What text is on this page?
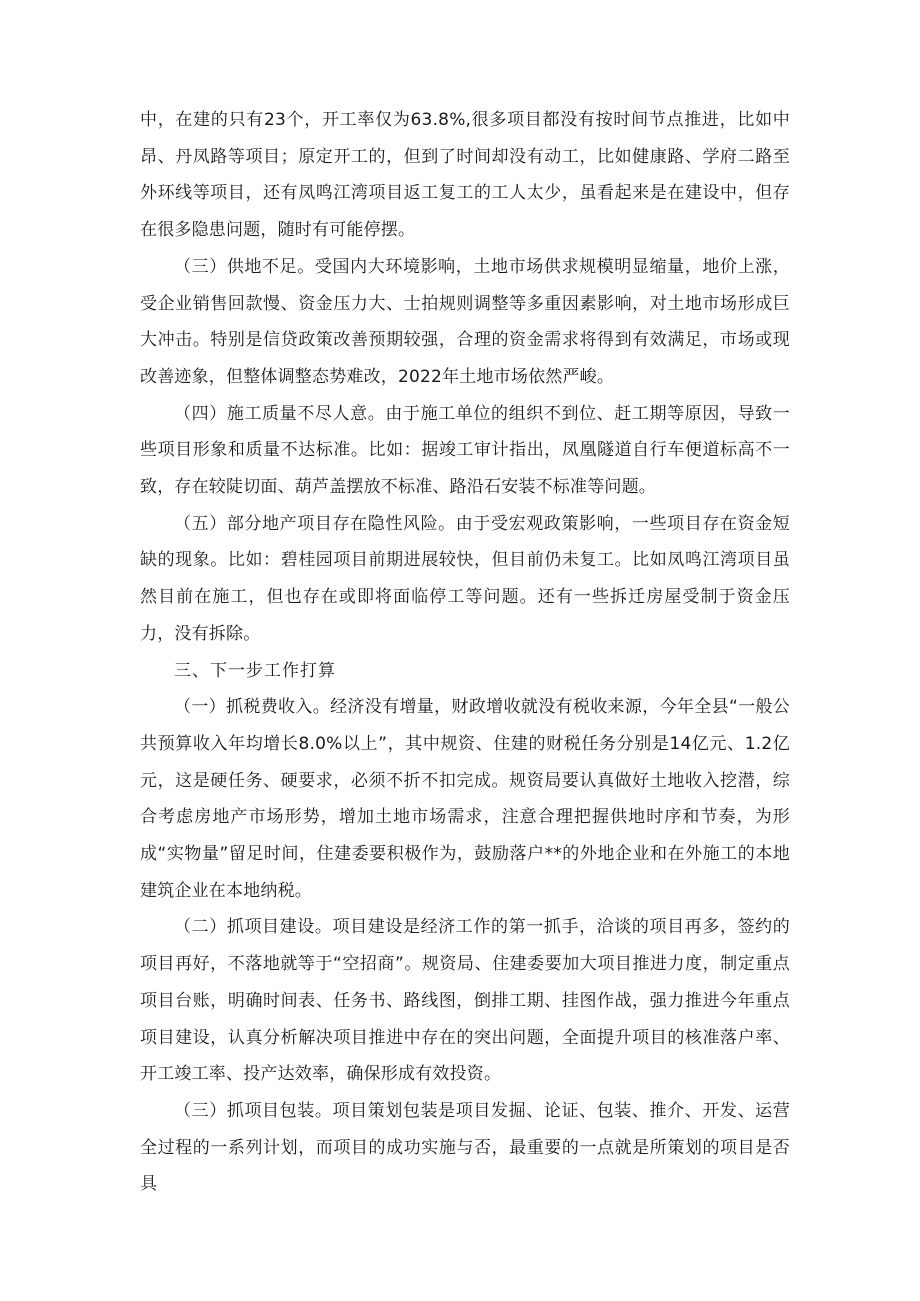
中，在建的只有23个，开工率仅为63.8%,很多项目都没有按时间节点推进，比如中昂、丹凤路等项目；原定开工的，但到了时间却没有动工，比如健康路、学府二路至外环线等项目，还有凤鸣江湾项目返工复工的工人太少，虽看起来是在建设中，但存在很多隐患问题，随时有可能停摆。

（三）供地不足。受国内大环境影响，土地市场供求规模明显缩量，地价上涨，受企业销售回款慢、资金压力大、士拍规则调整等多重因素影响，对土地市场形成巨大冲击。特别是信贷政策改善预期较强，合理的资金需求将得到有效满足，市场或现改善迹象，但整体调整态势难改，2022年土地市场依然严峻。

（四）施工质量不尽人意。由于施工单位的组织不到位、赶工期等原因，导致一些项目形象和质量不达标准。比如：据竣工审计指出，凤凰隧道自行车便道标高不一致，存在较陡切面、葫芦盖摆放不标准、路沿石安装不标准等问题。

（五）部分地产项目存在隐性风险。由于受宏观政策影响，一些项目存在资金短缺的现象。比如：碧桂园项目前期进展较快，但目前仍未复工。比如凤鸣江湾项目虽然目前在施工，但也存在或即将面临停工等问题。还有一些拆迁房屋受制于资金压力，没有拆除。

三、下一步工作打算

（一）抓税费收入。经济没有增量，财政增收就没有税收来源，今年全县“一般公共预算收入年均增长8.0%以上”，其中规资、住建的财税任务分别是14亿元、1.2亿元，这是硬任务、硬要求，必须不折不扣完成。规资局要认真做好土地收入挖潜，综合考虑房地产市场形势，增加土地市场需求，注意合理把握供地时序和节奏，为形成“实物量”留足时间，住建委要积极作为，鼓励落户**的外地企业和在外施工的本地建筑企业在本地纳税。

（二）抓项目建设。项目建设是经济工作的第一抓手，洽谈的项目再多，签约的项目再好，不落地就等于“空招商”。规资局、住建委要加大项目推进力度，制定重点项目台账，明确时间表、任务书、路线图，倒排工期、挂图作战，强力推进今年重点项目建设，认真分析解决项目推进中存在的突出问题，全面提升项目的核准落户率、开工竣工率、投产达效率，确保形成有效投资。

（三）抓项目包装。项目策划包装是项目发掘、论证、包装、推介、开发、运营全过程的一系列计划，而项目的成功实施与否，最重要的一点就是所策划的项目是否具
